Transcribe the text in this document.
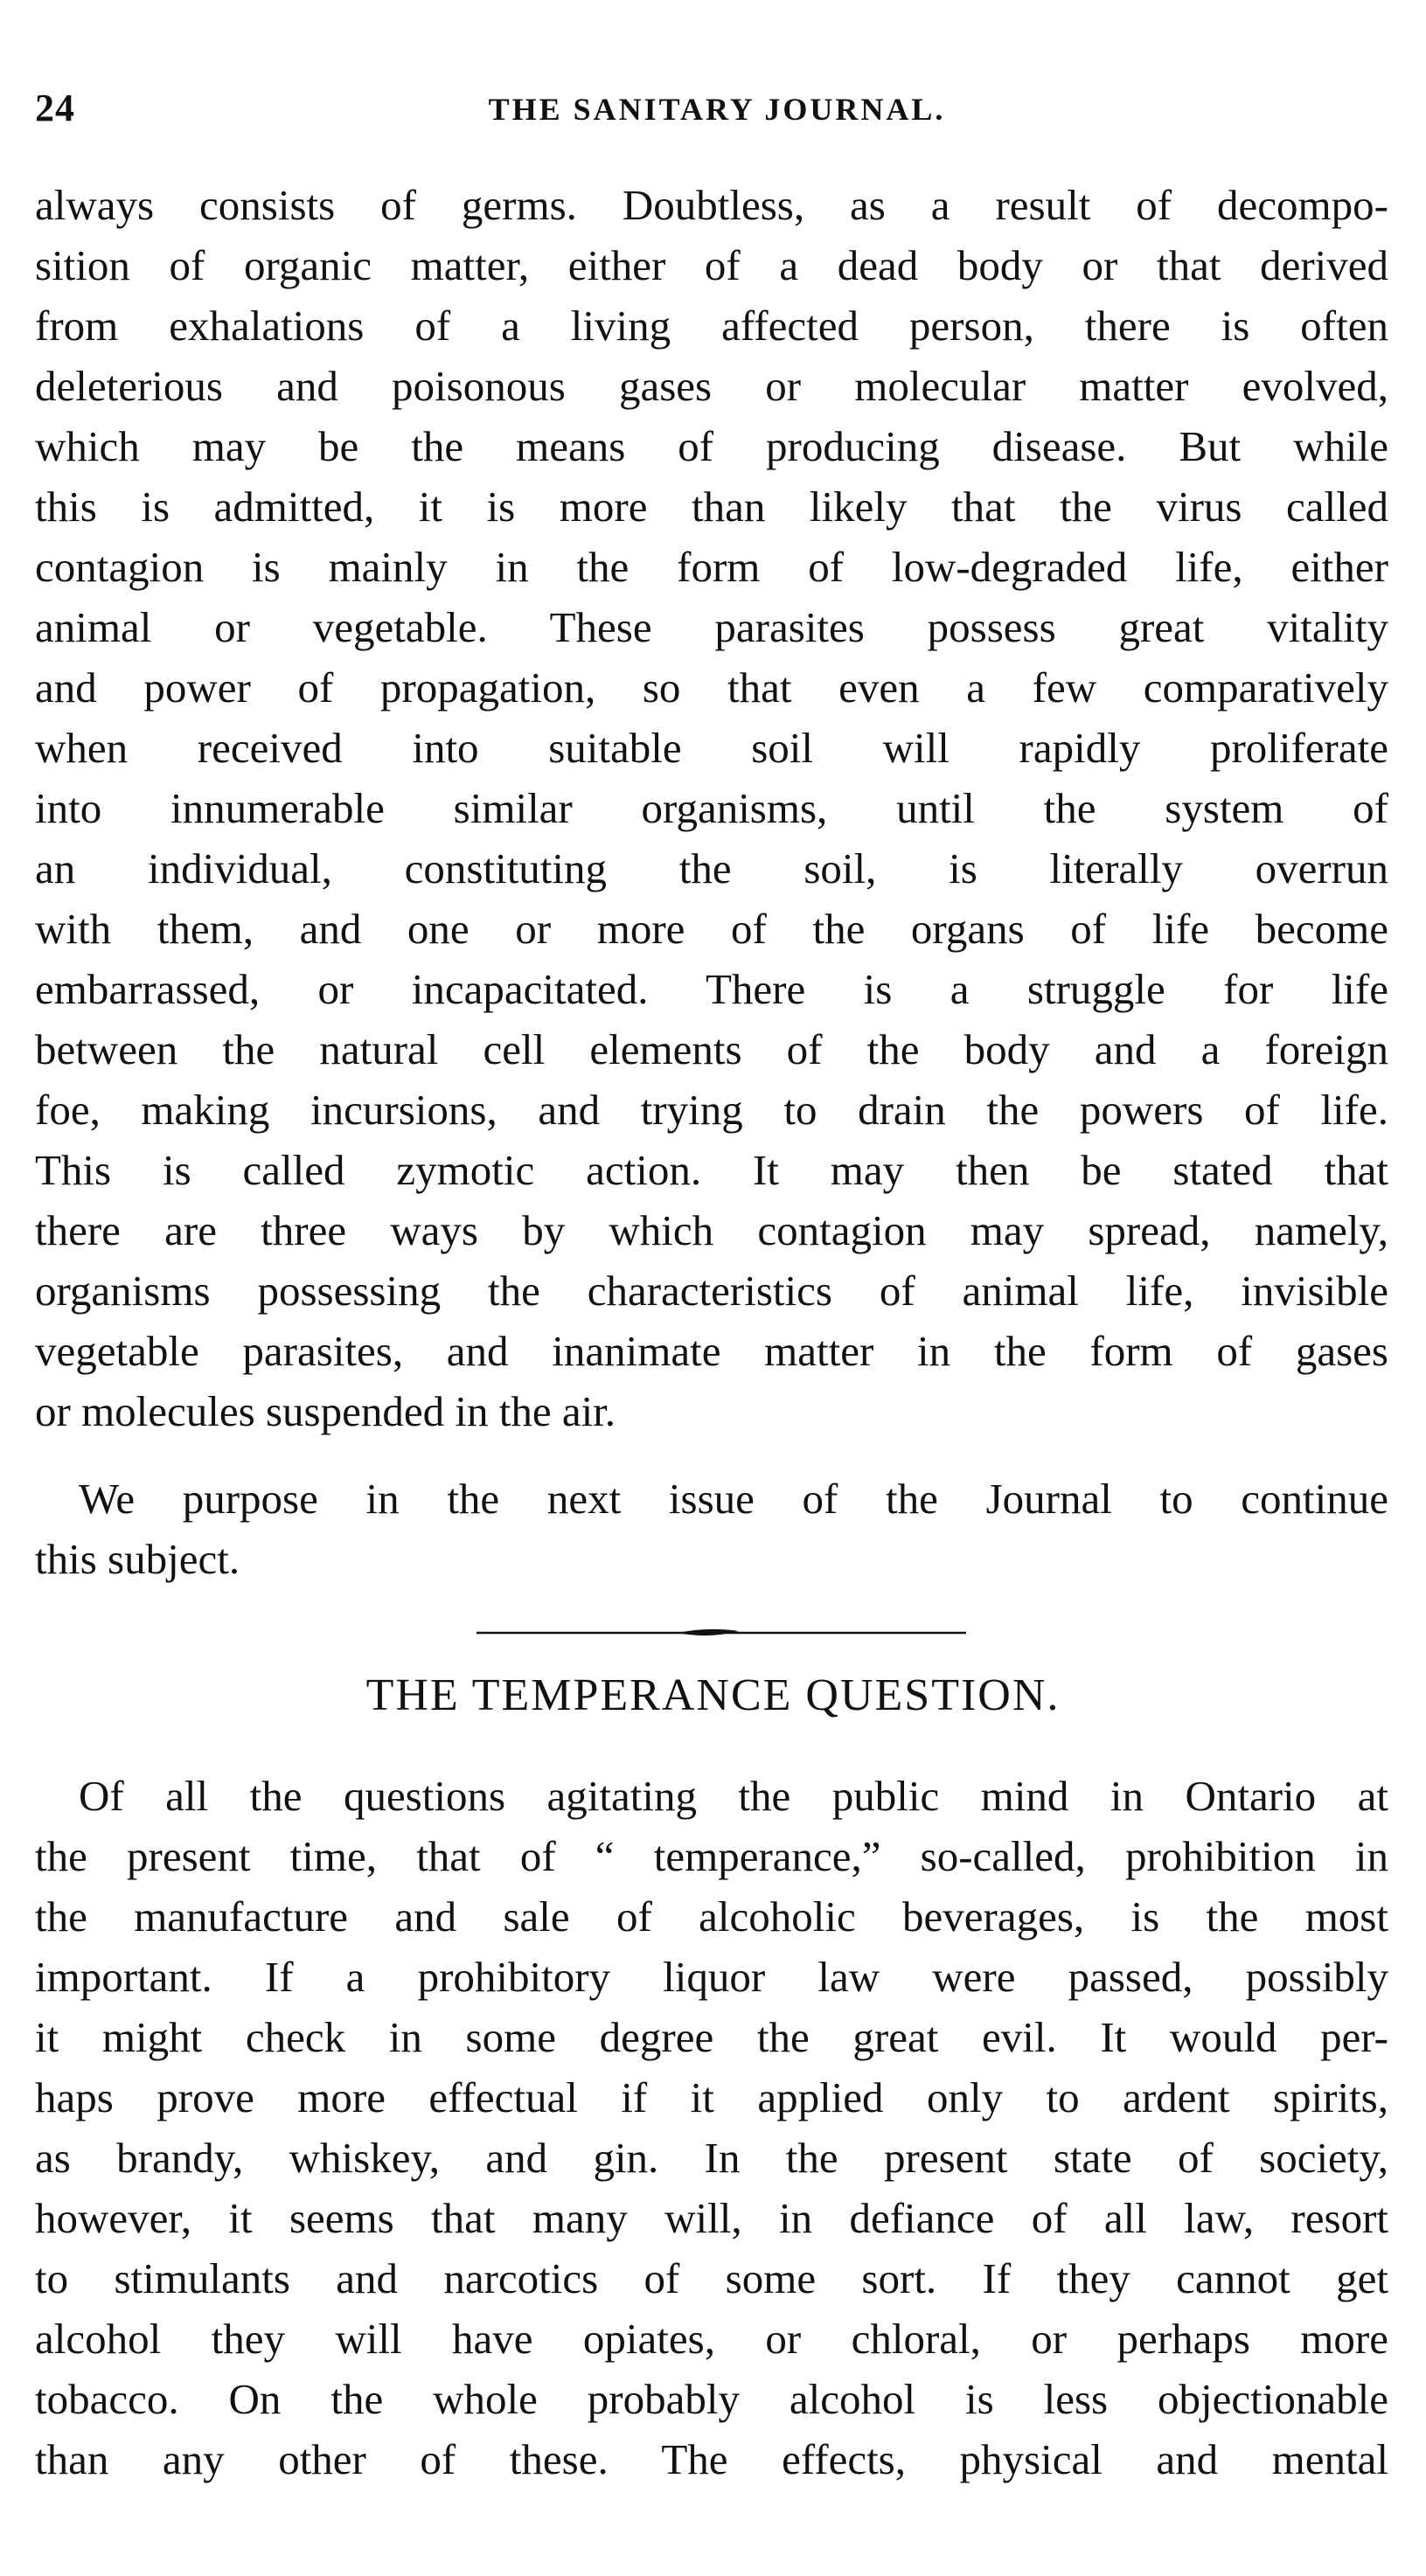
24	THE SANITARY JOURNAL.
always consists of germs. Doubtless, as a result of decompo-
sition of organic matter, either of a dead body or that derived
from exhalations of a living affected person, there is often
deleterious and poisonous gases or molecular matter evolved,
which may be the means of producing disease. But while
this is admitted, it is more than likely that the virus called
contagion is mainly in the form of low-degraded life, either
animal or vegetable. These parasites possess great vitality
and power of propagation, so that even a few comparatively
when received into suitable soil will rapidly proliferate
into innumerable similar organisms, until the system of
an individual, constituting the soil, is literally overrun
with them, and one or more of the organs of life become
embarrassed, or incapacitated. There is a struggle for life
between the natural cell elements of the body and a foreign
foe, making incursions, and trying to drain the powers of life.
This is called zymotic action. It may then be stated that
there are three ways by which contagion may spread, namely,
organisms possessing the characteristics of animal life, invisible
vegetable parasites, and inanimate matter in the form of gases
or molecules suspended in the air.
We purpose in the next issue of the Journal to continue
this subject.
THE TEMPERANCE QUESTION.
Of all the questions agitating the public mind in Ontario at
the present time, that of “ temperance,” so-called, prohibition in
the manufacture and sale of alcoholic beverages, is the most
important. If a prohibitory liquor law were passed, possibly
it might check in some degree the great evil. It would per-
haps prove more effectual if it applied only to ardent spirits,
as brandy, whiskey, and gin. In the present state of society,
however, it seems that many will, in defiance of all law, resort
to stimulants and narcotics of some sort. If they cannot get
alcohol they will have opiates, or chloral, or perhaps more
tobacco. On the whole probably alcohol is less objectionable
than any other of these. The effects, physical and mental
